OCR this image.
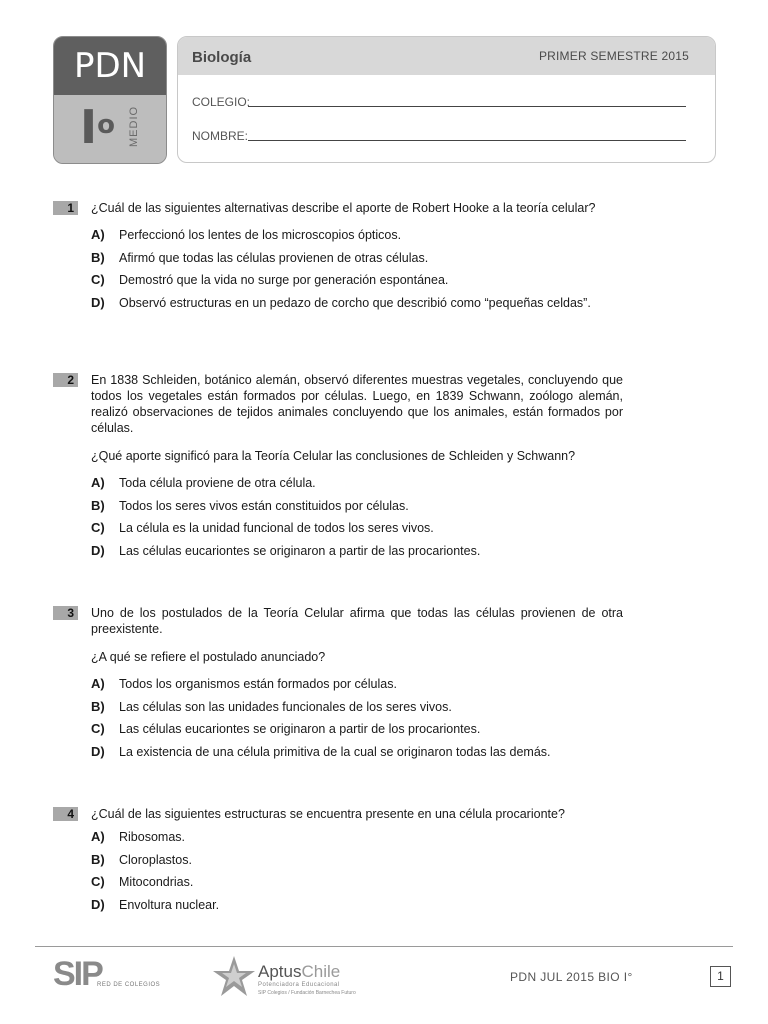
PDN
$I^o$ MEDIO
Biología	PRIMER SEMESTRE 2015
COLEGIO:
NOMBRE:
1	¿Cuál de las siguientes alternativas describe el aporte de Robert Hooke a la teoría celular?
A) Perfeccionó los lentes de los microscopios ópticos.
B) Afirmó que todas las células provienen de otras células.
C) Demostró que la vida no surge por generación espontánea.
D) Observó estructuras en un pedazo de corcho que describió como “pequeñas celdas”.
2	En 1838 Schleiden, botánico alemán, observó diferentes muestras vegetales, concluyendo que todos los vegetales están formados por células. Luego, en 1839 Schwann, zoólogo alemán, realizó observaciones de tejidos animales concluyendo que los animales, están formados por células.
¿Qué aporte significó para la Teoría Celular las conclusiones de Schleiden y Schwann?
A) Toda célula proviene de otra célula.
B) Todos los seres vivos están constituidos por células.
C) La célula es la unidad funcional de todos los seres vivos.
D) Las células eucariontes se originaron a partir de las procariontes.
3	Uno de los postulados de la Teoría Celular afirma que todas las células provienen de otra preexistente.
¿A qué se refiere el postulado anunciado?
A) Todos los organismos están formados por células.
B) Las células son las unidades funcionales de los seres vivos.
C) Las células eucariontes se originaron a partir de los procariontes.
D) La existencia de una célula primitiva de la cual se originaron todas las demás.
4	¿Cuál de las siguientes estructuras se encuentra presente en una célula procarionte?
A) Ribosomas.
B) Cloroplastos.
C) Mitocondrias.
D) Envoltura nuclear.
SIP
RED DE COLEGIOS
AptusChile
Potenciadora Educacional
SIP Colegios / Fundación Barnechea Futuro
PDN JUL 2015 BIO I°	1
